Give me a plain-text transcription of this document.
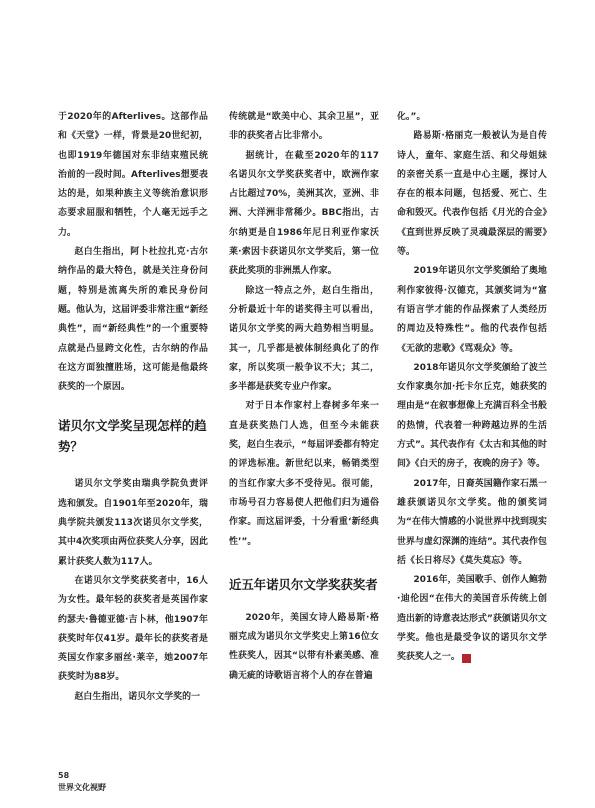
于2020年的Afterlives。这部作品和《天堂》一样，背景是20世纪初，也即1919年德国对东非结束殖民统治前的一段时间。Afterlives想要表达的是，如果种族主义等统治意识形态要求屈服和牺牲，个人毫无远手之力。

赵白生指出，阿卜杜拉扎克·古尔纳作品的最大特色，就是关注身份问题，特别是流离失所的难民身份问题。他认为，这届评委非常注重“新经典性”，而“新经典性”的一个重要特点就是凸显跨文化性，古尔纳的作品在这方面独擅胜场，这可能是他最终获奖的一个原因。

诺贝尔文学奖呈现怎样的趋势？

诺贝尔文学奖由瑞典学院负责评选和颁发。自1901年至2020年，瑞典学院共颁发113次诺贝尔文学奖，其中4次奖项由两位获奖人分享，因此累计获奖人数为117人。

在诺贝尔文学奖获奖者中，16人为女性。最年轻的获奖者是英国作家约瑟夫·鲁德亚德·吉卜林，他1907年获奖时年仅41岁。最年长的获奖者是英国女作家多丽丝·莱辛，她2007年获奖时为88岁。

赵白生指出，诺贝尔文学奖的一

传统就是“欧美中心、其余卫星”，亚非的获奖者占比非常小。

据统计，在截至2020年的117名诺贝尔文学奖获奖者中，欧洲作家占比超过70%，美洲其次，亚洲、非洲、大洋洲非常稀少。BBC指出，古尔纳更是自1986年尼日利亚作家沃莱·索因卡获诺贝尔文学奖后，第一位获此奖项的非洲黑人作家。

除这一特点之外，赵白生指出，分析最近十年的诺奖得主可以看出，诺贝尔文学奖的两大趋势相当明显。其一，几乎都是被体制经典化了的作家，所以奖项一般争议不大；其二，多半都是获奖专业户作家。

对于日本作家村上春树多年来一直是获奖热门人选，但至今未能获奖，赵白生表示，“每届评委都有特定的评选标准。新世纪以来，畅销类型的当红作家大多不受待见。很可能，市场号召力容易使人把他们归为通俗作家。而这届评委，十分看重‘新经典性’”。

近五年诺贝尔文学奖获奖者

2020年，美国女诗人路易斯·格丽克成为诺贝尔文学奖史上第16位女性获奖人，因其“以带有朴素美感、准确无疵的诗歌语言将个人的存在普遍

化。”。

路易斯·格丽克一般被认为是自传诗人，童年、家庭生活、和父母姐妹的亲密关系一直是中心主题，探讨人存在的根本问题，包括爱、死亡、生命和毁灭。代表作包括《月光的合金》《直到世界反映了灵魂最深层的需要》等。

2019年诺贝尔文学奖颁给了奥地利作家彼得·汉德克，其颁奖词为“富有语言学才能的作品探索了人类经历的周边及特殊性”。他的代表作包括《无欲的悲歌》《骂观众》等。

2018年诺贝尔文学奖颁给了波兰女作家奥尔加·托卡尔丘克，她获奖的理由是“在叙事想像上充满百科全书般的热情，代表着一种跨越边界的生活方式”。其代表作有《太古和其他的时间》《白天的房子，夜晚的房子》等。

2017年，日裔英国籍作家石黑一雄获颁诺贝尔文学奖。他的颁奖词为“在伟大情感的小说世界中找到现实世界与虚幻深渊的连结”。其代表作包括《长日将尽》《莫失莫忘》等。

2016年，美国歌手、创作人鲍勃·迪伦因“在伟大的美国音乐传统上创造出新的诗意表达形式”获颁诺贝尔文学奖。他也是最受争议的诺贝尔文学奖获奖人之一。	W

58
世界文化视野
